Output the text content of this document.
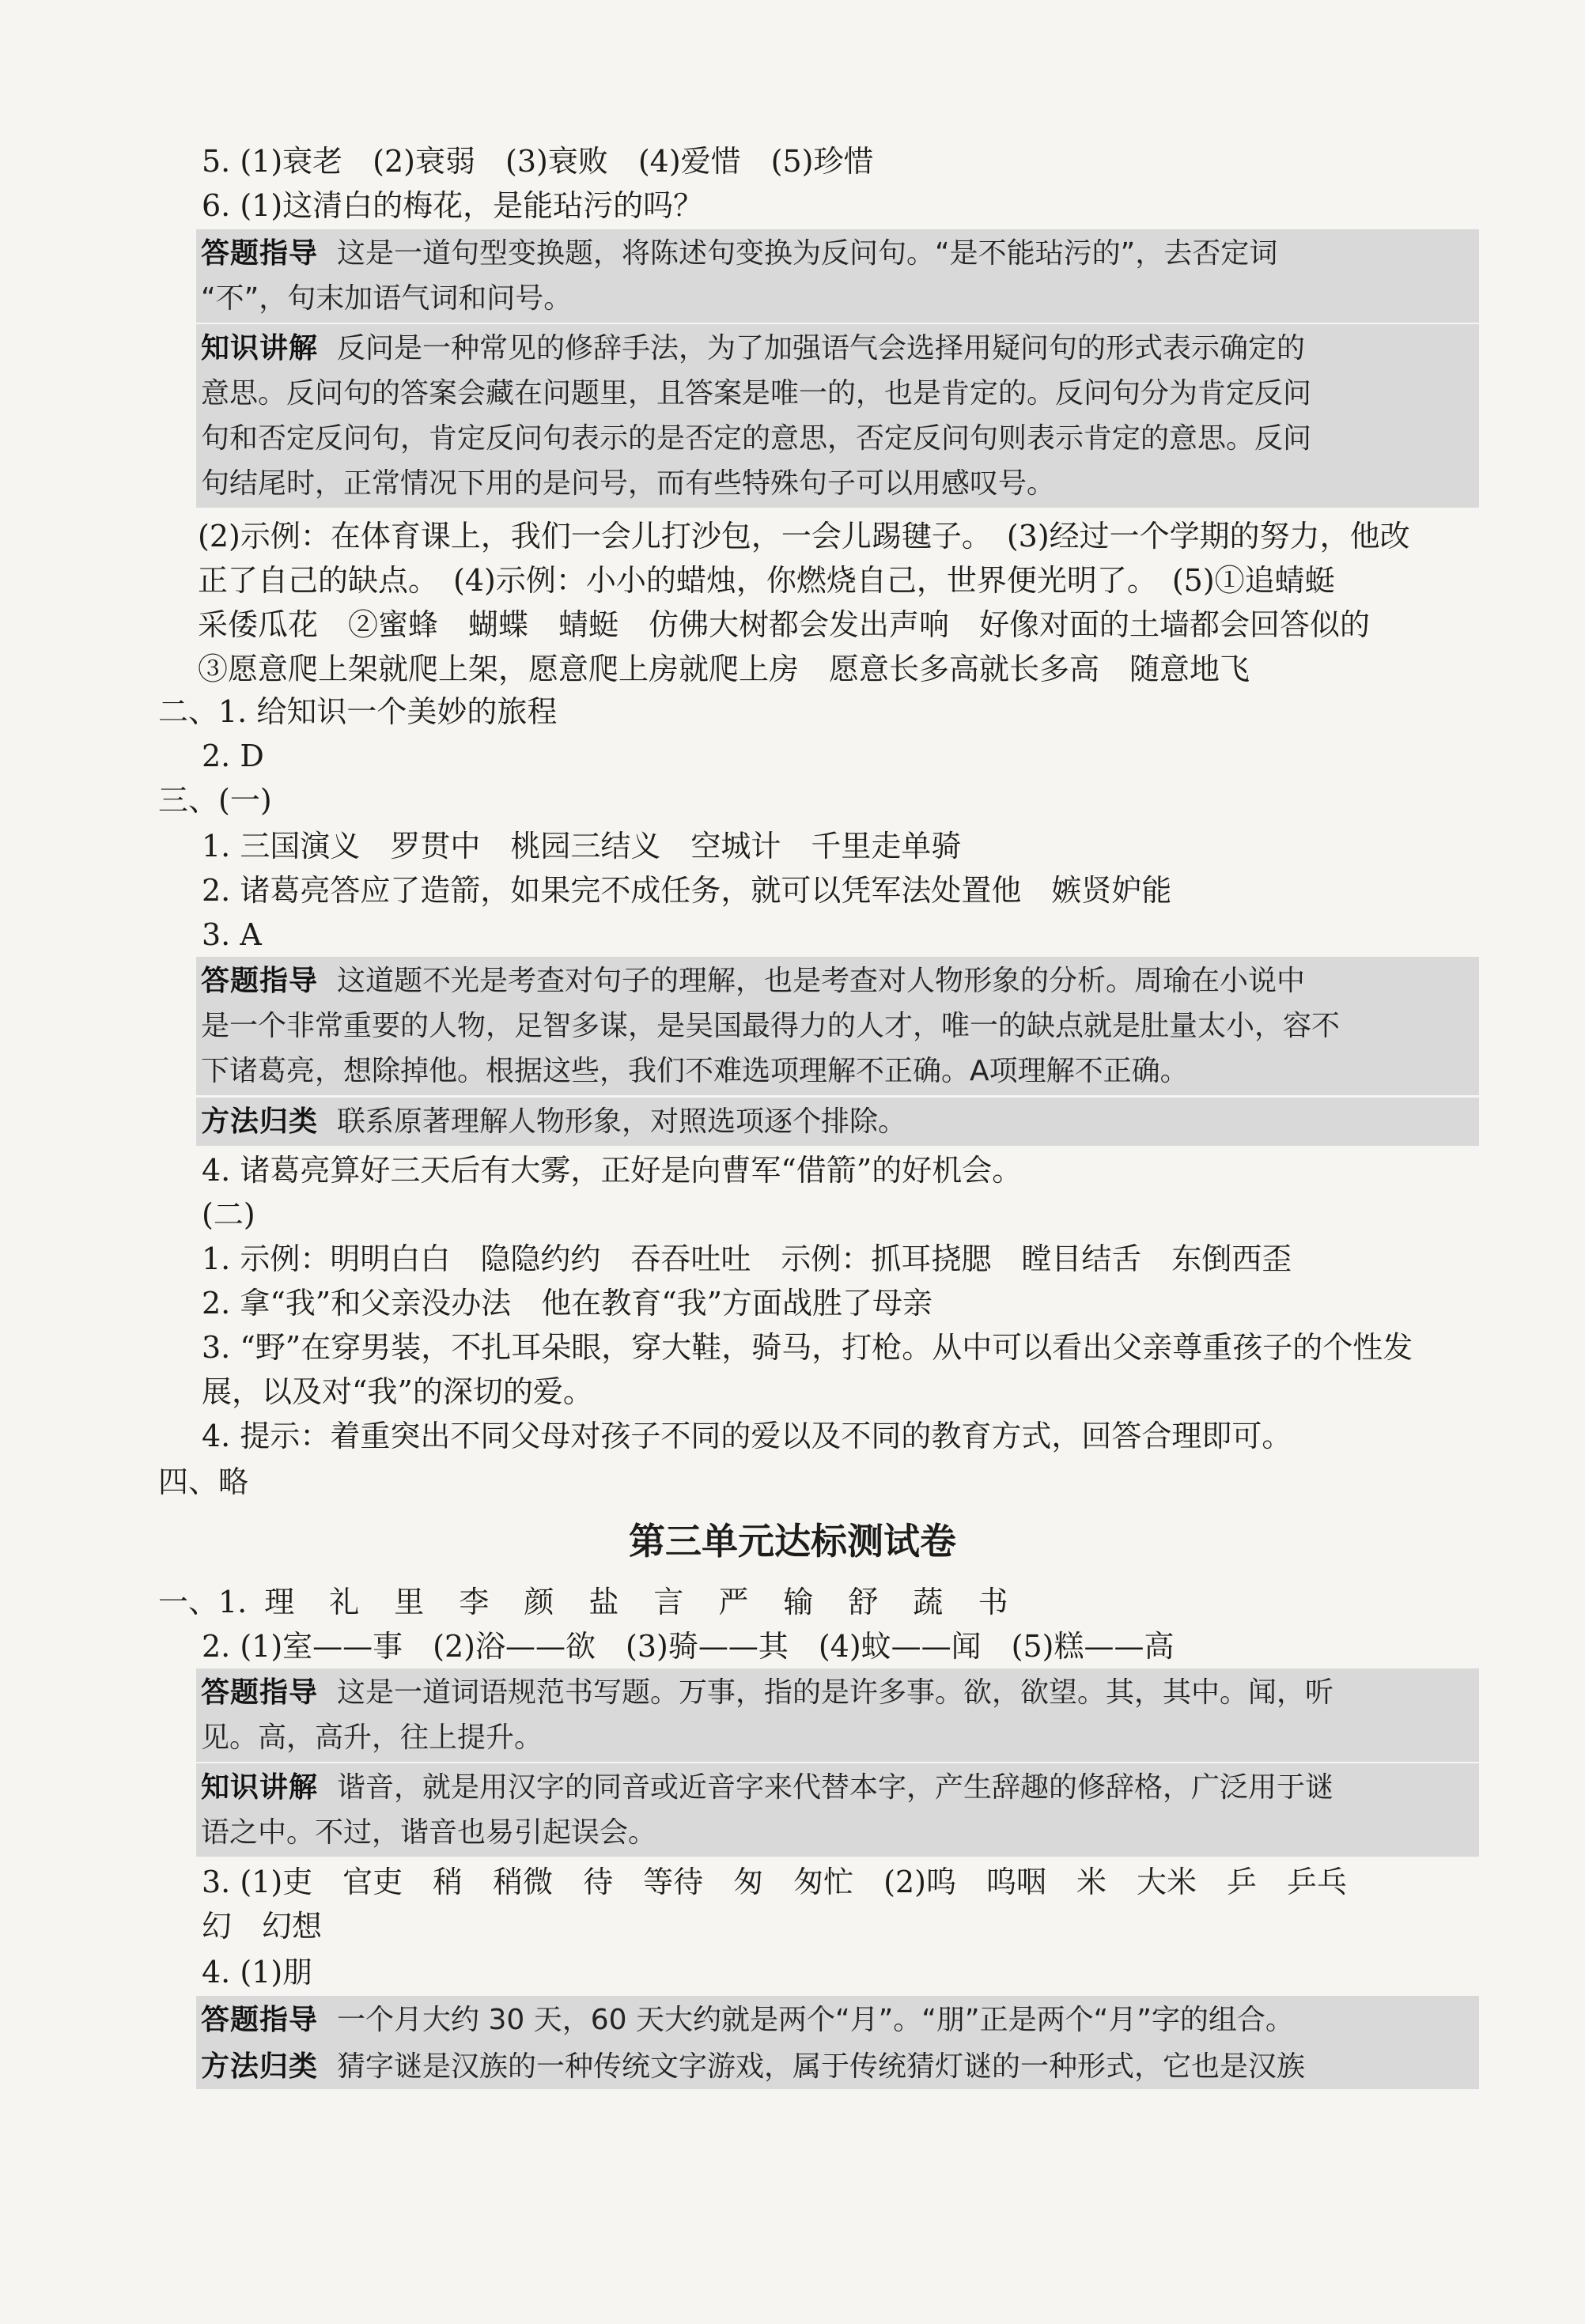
5. (1)衰老　(2)衰弱　(3)衰败　(4)爱惜　(5)珍惜
6. (1)这清白的梅花，是能玷污的吗？
答题指导 这是一道句型变换题，将陈述句变换为反问句。“是不能玷污的”，去否定词
“不”，句末加语气词和问号。
知识讲解 反问是一种常见的修辞手法，为了加强语气会选择用疑问句的形式表示确定的
意思。反问句的答案会藏在问题里，且答案是唯一的，也是肯定的。反问句分为肯定反问
句和否定反问句，肯定反问句表示的是否定的意思，否定反问句则表示肯定的意思。反问
句结尾时，正常情况下用的是问号，而有些特殊句子可以用感叹号。
(2)示例：在体育课上，我们一会儿打沙包，一会儿踢毽子。　(3)经过一个学期的努力，他改
正了自己的缺点。　(4)示例：小小的蜡烛，你燃烧自己，世界便光明了。　(5)①追蜻蜓
采倭瓜花　②蜜蜂　蝴蝶　蜻蜓　仿佛大树都会发出声响　好像对面的土墙都会回答似的
③愿意爬上架就爬上架，愿意爬上房就爬上房　愿意长多高就长多高　随意地飞
二、1. 给知识一个美妙的旅程
2. D
三、(一)
1. 三国演义　罗贯中　桃园三结义　空城计　千里走单骑
2. 诸葛亮答应了造箭，如果完不成任务，就可以凭军法处置他　嫉贤妒能
3. A
答题指导 这道题不光是考查对句子的理解，也是考查对人物形象的分析。周瑜在小说中
是一个非常重要的人物，足智多谋，是吴国最得力的人才，唯一的缺点就是肚量太小，容不
下诸葛亮，想除掉他。根据这些，我们不难选项理解不正确。A项理解不正确。
方法归类 联系原著理解人物形象，对照选项逐个排除。
4. 诸葛亮算好三天后有大雾，正好是向曹军“借箭”的好机会。
(二)
1. 示例：明明白白　隐隐约约　吞吞吐吐　示例：抓耳挠腮　瞠目结舌　东倒西歪
2. 拿“我”和父亲没办法　他在教育“我”方面战胜了母亲
3. “野”在穿男装，不扎耳朵眼，穿大鞋，骑马，打枪。从中可以看出父亲尊重孩子的个性发
展，以及对“我”的深切的爱。
4. 提示：着重突出不同父母对孩子不同的爱以及不同的教育方式，回答合理即可。
四、略
第三单元达标测试卷
一、1. 理 礼 里 李 颜 盐 言 严 输 舒 蔬 书
2. (1)室——事　(2)浴——欲　(3)骑——其　(4)蚊——闻　(5)糕——高
答题指导 这是一道词语规范书写题。万事，指的是许多事。欲，欲望。其，其中。闻，听
见。高，高升，往上提升。
知识讲解 谐音，就是用汉字的同音或近音字来代替本字，产生辞趣的修辞格，广泛用于谜
语之中。不过，谐音也易引起误会。
3. (1)吏　官吏　稍　稍微　待　等待　匆　匆忙　(2)呜　呜咽　米　大米　乒　乒乓
幻　幻想
4. (1)朋
答题指导 一个月大约 30 天，60 天大约就是两个“月”。“朋”正是两个“月”字的组合。
方法归类 猜字谜是汉族的一种传统文字游戏，属于传统猜灯谜的一种形式，它也是汉族
